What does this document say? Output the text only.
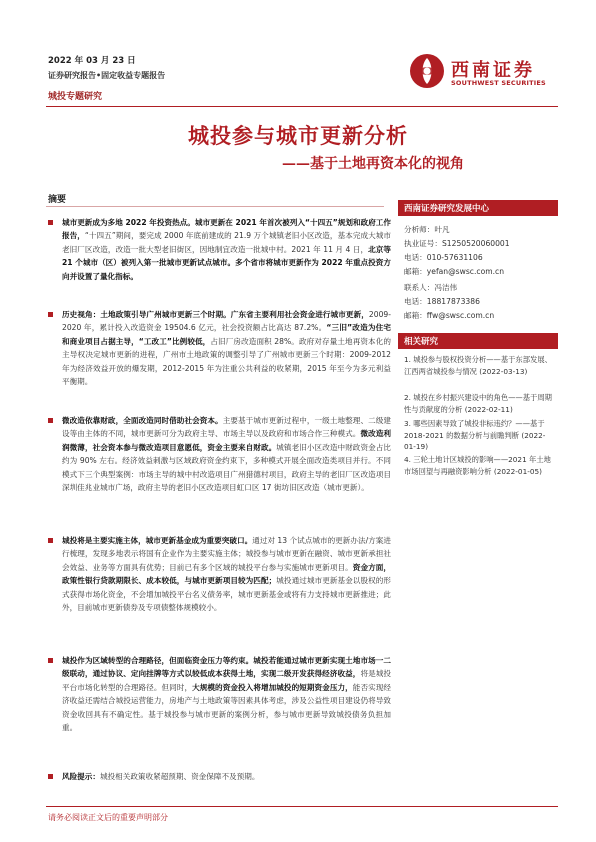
2022 年 03 月 23 日
证券研究报告•固定收益专题报告
城投专题研究
西南证券
SOUTHWEST SECURITIES
城投参与城市更新分析
——基于土地再资本化的视角
摘要
城市更新成为多地 2022 年投资热点。城市更新在 2021 年首次被列入“十四五”规划和政府工作报告，“十四五”期间，要完成 2000 年底前建成的 21.9 万个城镇老旧小区改造，基本完成大城市老旧厂区改造，改造一批大型老旧街区，因地制宜改造一批城中村。2021 年 11 月 4 日，北京等 21 个城市（区）被列入第一批城市更新试点城市。多个省市将城市更新作为 2022 年重点投资方向并设置了量化指标。
历史视角：土地政策引导广州城市更新三个时期。广东省主要利用社会资金进行城市更新，2009-2020 年，累计投入改造资金 19504.6 亿元，社会投资额占比高达 87.2%。“三旧”改造为住宅和商业项目占据主导，“工改工”比例较低，占旧厂房改造面积 28%。政府对存量土地再资本化的主导权决定城市更新的进程，广州市土地政策的调整引导了广州城市更新三个时期：2009-2012 年为经济效益开放的爆发期，2012-2015 年为注重公共利益的收紧期，2015 年至今为多元利益平衡期。
微改造依靠财政，全面改造同时借助社会资本。主要基于城市更新过程中，一级土地整理、二级建设等由主体的不同，城市更新可分为政府主导、市场主导以及政府和市场合作三种模式。微改造利润微薄，社会资本参与微改造项目意愿低，资金主要来自财政。城镇老旧小区改造中财政资金占比约为 90% 左右。经济效益刺激与区域政府资金约束下，多种模式开展全面改造类项目并行。不同模式下三个典型案例：市场主导的城中村改造项目广州猎德村项目，政府主导的老旧厂区改造项目深圳佳兆业城市广场，政府主导的老旧小区改造项目虹口区 17 街坊旧区改造（城市更新）。
城投将是主要实施主体，城市更新基金成为重要突破口。通过对 13 个试点城市的更新办法/方案进行梳理，发现多地表示将国有企业作为主要实施主体；城投参与城市更新在融资、城市更新承担社会效益、业务等方面具有优势；目前已有多个区域的城投平台参与实施城市更新项目。资金方面，政策性银行贷款期限长、成本较低，与城市更新项目较为匹配；城投通过城市更新基金以股权的形式获得市场化资金，不会增加城投平台名义债务率，城市更新基金或将有力支持城市更新推进；此外，目前城市更新债券及专项债整体规模较小。
城投作为区域转型的合理路径，但面临资金压力等约束。城投若能通过城市更新实现土地市场一二级联动，通过协议、定向挂牌等方式以较低成本获得土地，实现二级开发获得经济收益，将是城投平台市场化转型的合理路径。但同时，大规模的资金投入将增加城投的短期资金压力，能否实现经济收益还需结合城投运营能力，房地产与土地政策等因素具体考虑，涉及公益性项目建设仍将导致资金收回具有不确定性。基于城投参与城市更新的案例分析，参与城市更新导致城投债务负担加重。
风险提示：城投相关政策收紧超预期、资金保障不及预期。
西南证券研究发展中心
分析师：叶凡
执业证号：S1250520060001
电话：010-57631106
邮箱：yefan@swsc.com.cn
联系人：冯洁伟
电话：18817873386
邮箱：ffw@swsc.com.cn
相关研究

1. 城投参与股权投资分析——基于东部发展、江西两省城投参与情况 (2022-03-13)

2. 城投在乡村振兴建设中的角色——基于周期性与贡献度的分析 (2022-02-11)

3. 哪些因素导致了城投非标违约？——基于 2018-2021 的数据分析与前瞻判断 (2022-01-19)

4. 三轮土地计区城投的影响——2021 年土地市场回望与再融资影响分析 (2022-01-05)

请务必阅读正文后的重要声明部分
